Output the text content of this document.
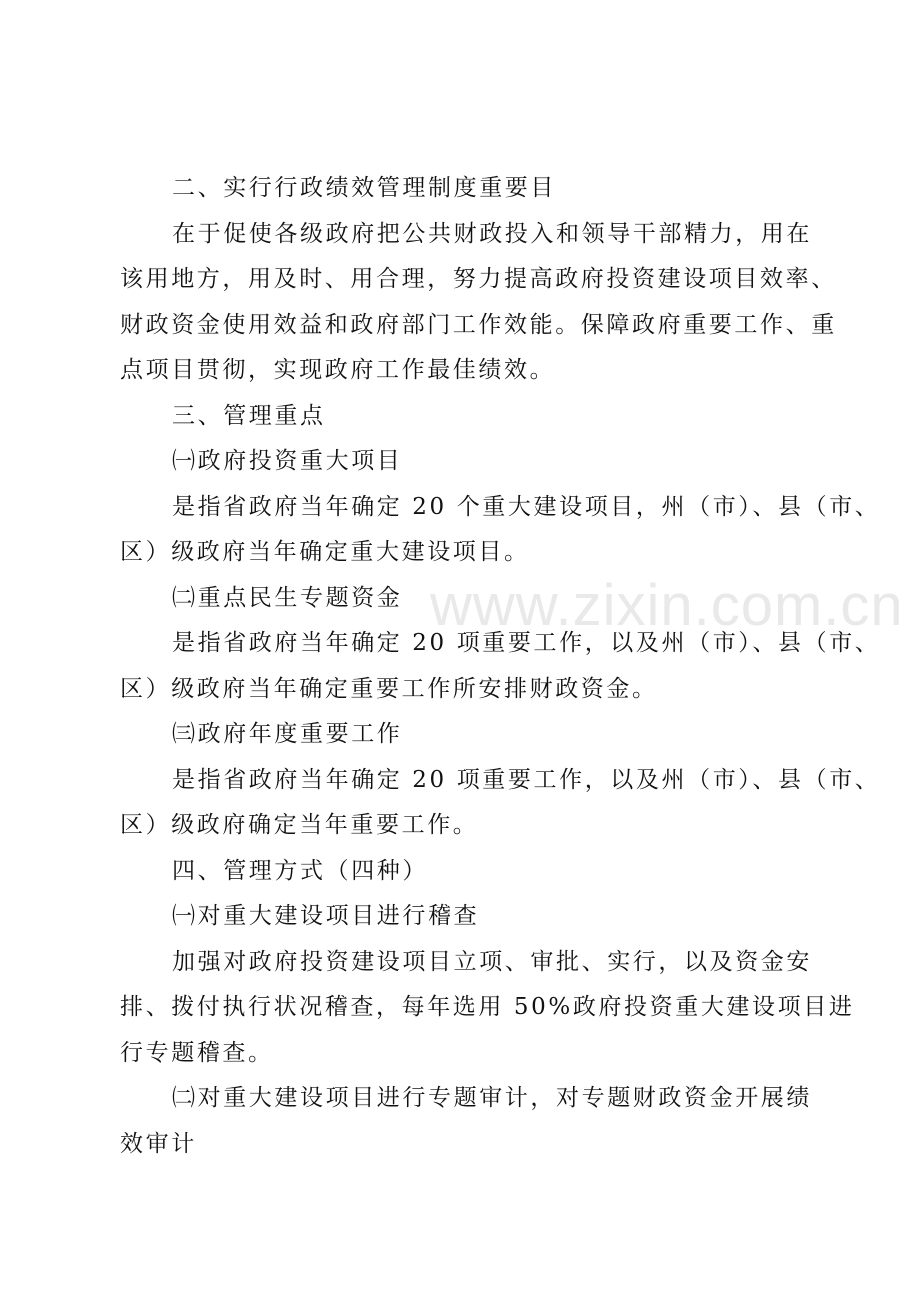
www.zixin.com.cn
二、实行行政绩效管理制度重要目
在于促使各级政府把公共财政投入和领导干部精力，用在
该用地方，用及时、用合理，努力提高政府投资建设项目效率、
财政资金使用效益和政府部门工作效能。保障政府重要工作、重
点项目贯彻，实现政府工作最佳绩效。
三、管理重点
㈠政府投资重大项目
是指省政府当年确定 20 个重大建设项目，州（市）、县（市、
区）级政府当年确定重大建设项目。
㈡重点民生专题资金
是指省政府当年确定 20 项重要工作，以及州（市）、县（市、
区）级政府当年确定重要工作所安排财政资金。
㈢政府年度重要工作
是指省政府当年确定 20 项重要工作，以及州（市）、县（市、
区）级政府确定当年重要工作。
四、管理方式（四种）
㈠对重大建设项目进行稽查
加强对政府投资建设项目立项、审批、实行，以及资金安
排、拨付执行状况稽查，每年选用 50%政府投资重大建设项目进
行专题稽查。
㈡对重大建设项目进行专题审计，对专题财政资金开展绩
效审计
